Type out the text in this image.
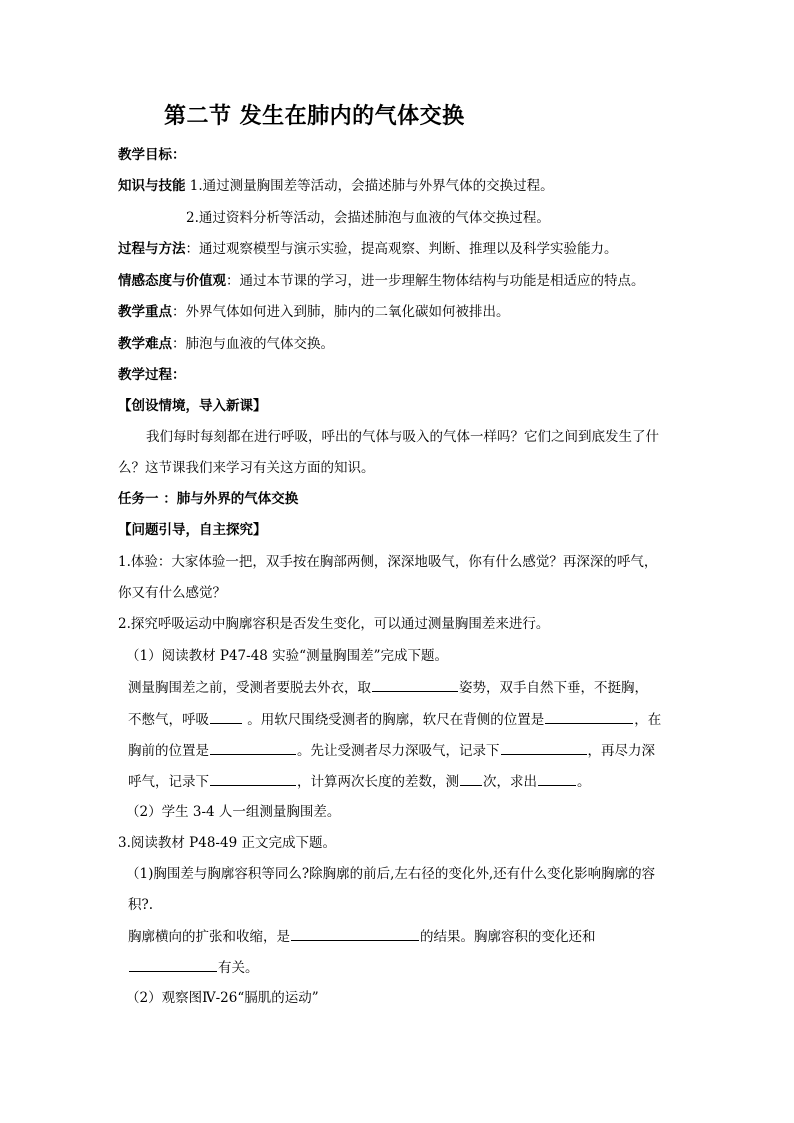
第二节 发生在肺内的气体交换
教学目标：
知识与技能 1.通过测量胸围差等活动，会描述肺与外界气体的交换过程。
2.通过资料分析等活动，会描述肺泡与血液的气体交换过程。
过程与方法：通过观察模型与演示实验，提高观察、判断、推理以及科学实验能力。
情感态度与价值观：通过本节课的学习，进一步理解生物体结构与功能是相适应的特点。
教学重点：外界气体如何进入到肺，肺内的二氧化碳如何被排出。
教学难点：肺泡与血液的气体交换。
教学过程：
【创设情境，导入新课】
我们每时每刻都在进行呼吸，呼出的气体与吸入的气体一样吗？它们之间到底发生了什
么？这节课我们来学习有关这方面的知识。
任务一 ：肺与外界的气体交换
【问题引导，自主探究】
1.体验：大家体验一把，双手按在胸部两侧，深深地吸气，你有什么感觉？再深深的呼气，
你又有什么感觉？
2.探究呼吸运动中胸廓容积是否发生变化，可以通过测量胸围差来进行。
（1）阅读教材 P47-48 实验“测量胸围差”完成下题。
测量胸围差之前，受测者要脱去外衣，取	姿势，双手自然下垂，不挺胸，
不憋气，呼吸	。用软尺围绕受测者的胸廓，软尺在背侧的位置是	，在
胸前的位置是	。先让受测者尽力深吸气，记录下	，再尽力深
呼气，记录下	，计算两次长度的差数，测 次，求出	。
（2）学生 3-4 人一组测量胸围差。
3.阅读教材 P48-49 正文完成下题。
（1)胸围差与胸廓容积等同么?除胸廓的前后,左右径的变化外,还有什么变化影响胸廓的容
积?.
胸廓横向的扩张和收缩，是	的结果。胸廓容积的变化还和
有关。
（2）观察图Ⅳ-26“膈肌的运动”
